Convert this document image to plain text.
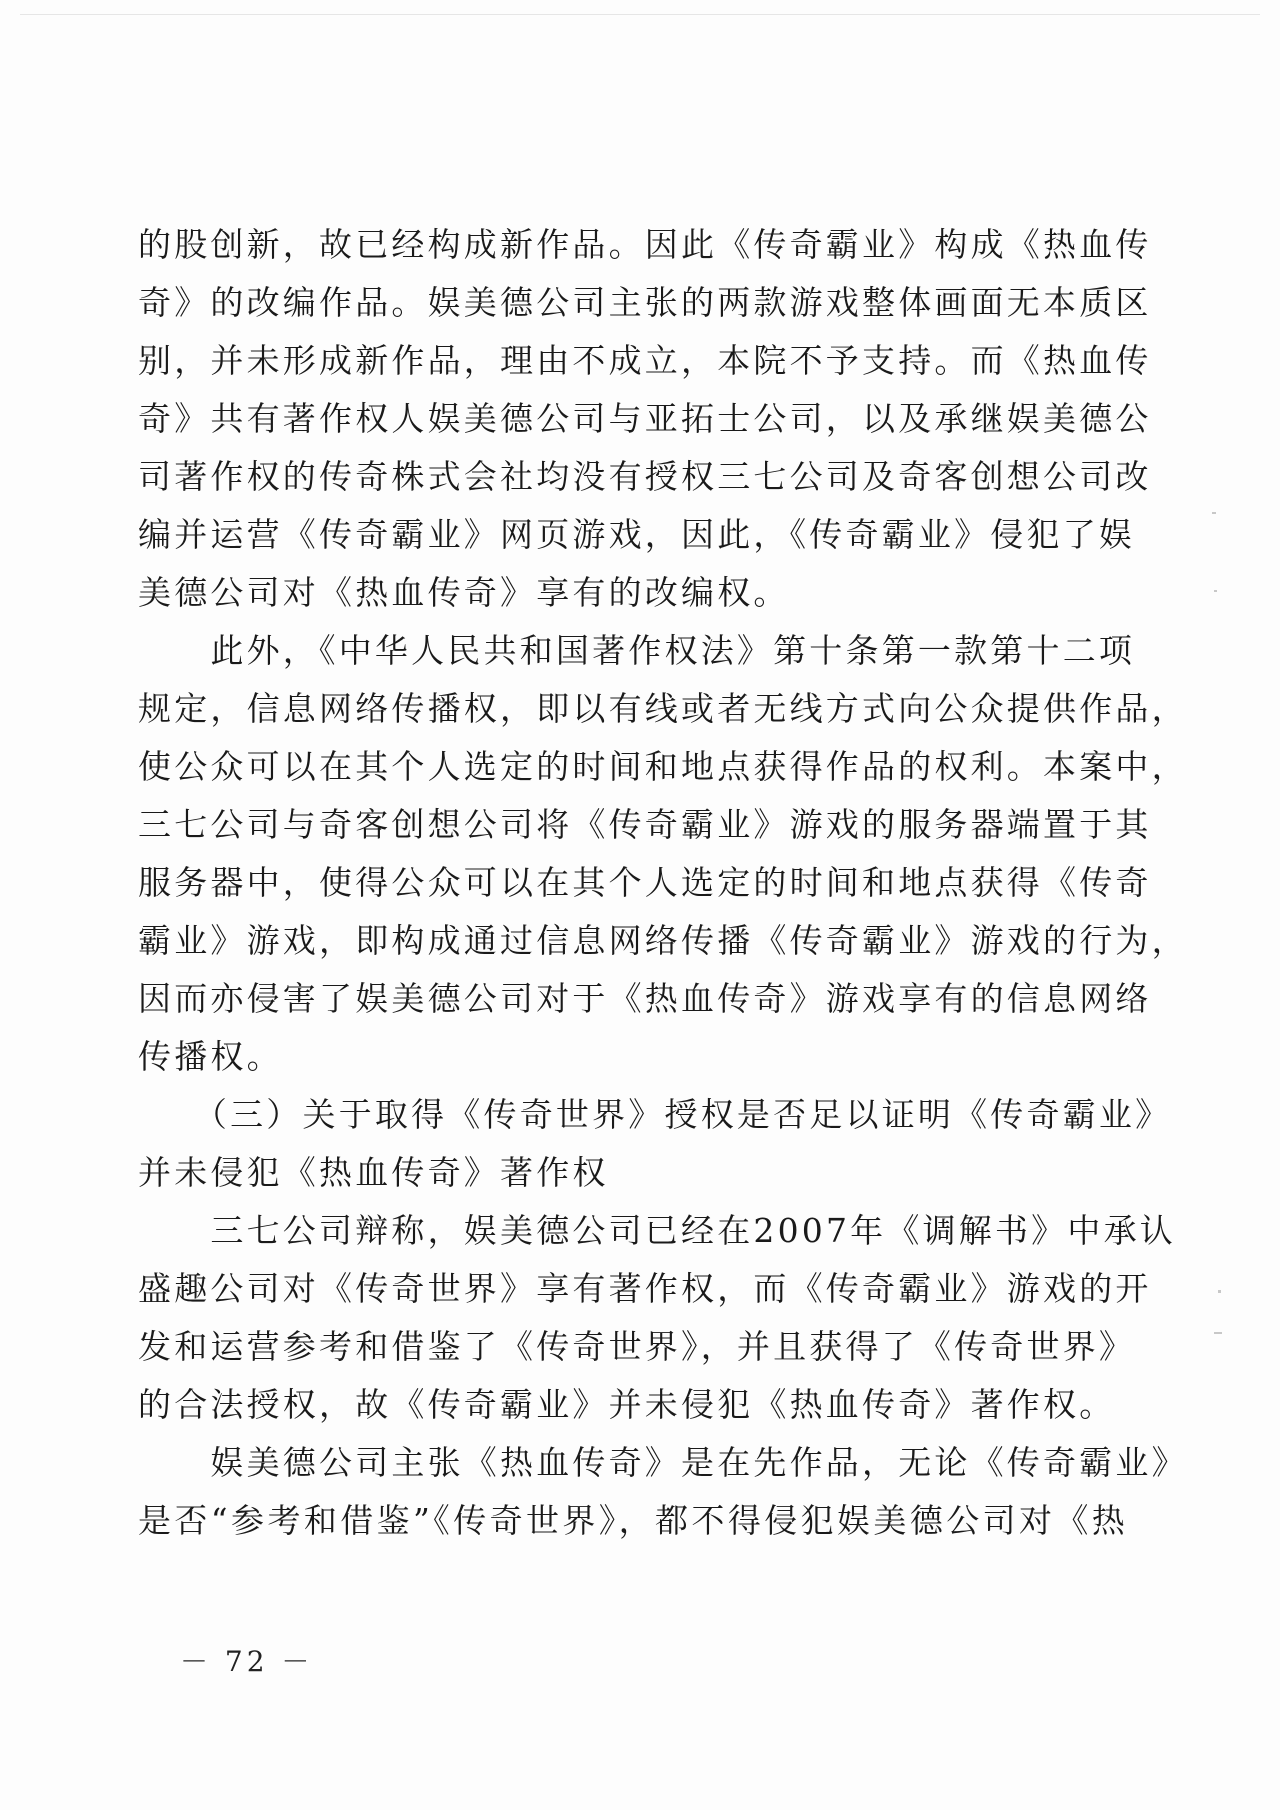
的股创新，故已经构成新作品。因此《传奇霸业》构成《热血传
奇》的改编作品。娱美德公司主张的两款游戏整体画面无本质区
别，并未形成新作品，理由不成立，本院不予支持。而《热血传
奇》共有著作权人娱美德公司与亚拓士公司，以及承继娱美德公
司著作权的传奇株式会社均没有授权三七公司及奇客创想公司改
编并运营《传奇霸业》网页游戏，因此，《传奇霸业》侵犯了娱
美德公司对《热血传奇》享有的改编权。
　　此外，《中华人民共和国著作权法》第十条第一款第十二项
规定，信息网络传播权，即以有线或者无线方式向公众提供作品，
使公众可以在其个人选定的时间和地点获得作品的权利。本案中，
三七公司与奇客创想公司将《传奇霸业》游戏的服务器端置于其
服务器中，使得公众可以在其个人选定的时间和地点获得《传奇
霸业》游戏，即构成通过信息网络传播《传奇霸业》游戏的行为，
因而亦侵害了娱美德公司对于《热血传奇》游戏享有的信息网络
传播权。
　　（三）关于取得《传奇世界》授权是否足以证明《传奇霸业》
并未侵犯《热血传奇》著作权
　　三七公司辩称，娱美德公司已经在2007年《调解书》中承认
盛趣公司对《传奇世界》享有著作权，而《传奇霸业》游戏的开
发和运营参考和借鉴了《传奇世界》，并且获得了《传奇世界》
的合法授权，故《传奇霸业》并未侵犯《热血传奇》著作权。
　　娱美德公司主张《热血传奇》是在先作品，无论《传奇霸业》
是否“参考和借鉴”《传奇世界》，都不得侵犯娱美德公司对《热
－ 72 －
